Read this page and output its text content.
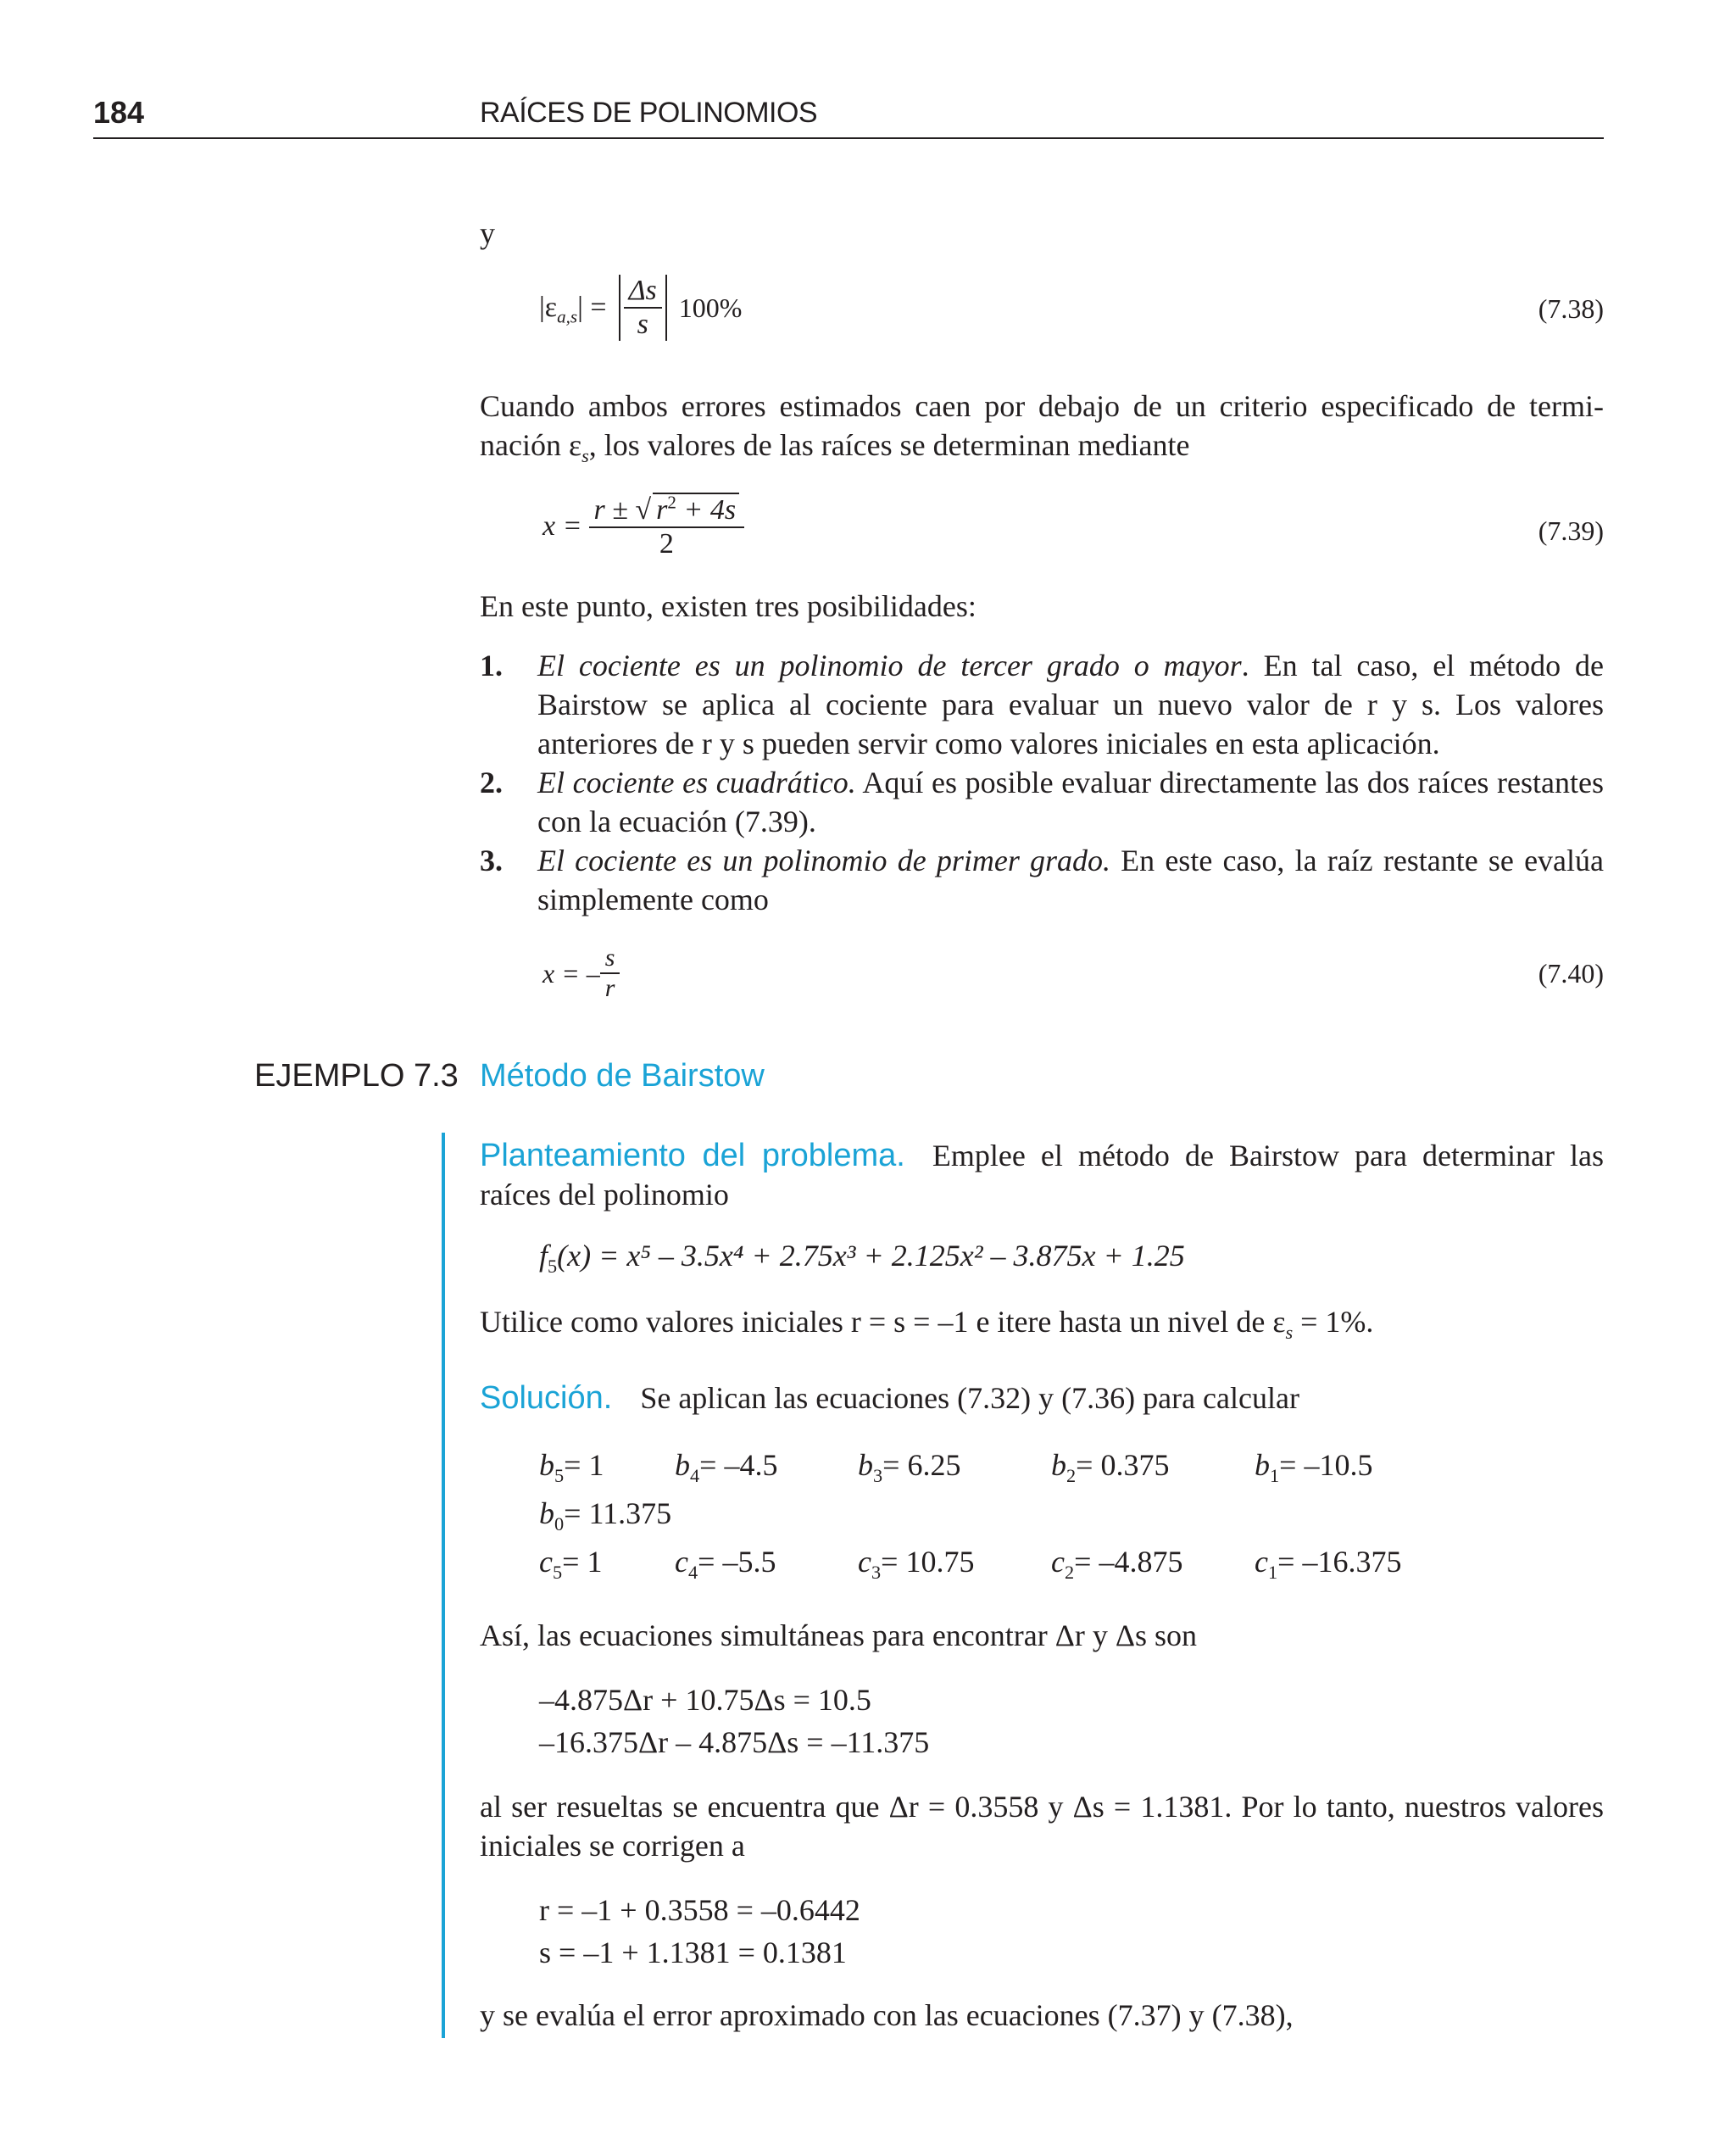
184	RAÍCES DE POLINOMIOS
y
$|\varepsilon_{a,s}| = \frac{\Delta s}{s} 100\%$	(7.38)
Cuando ambos errores estimados caen por debajo de un criterio especificado de termi-nación $\varepsilon_s$, los valores de las raíces se determinan mediante
$x = \frac{r \pm √ r^2 + 4s}{2}$	(7.39)
En este punto, existen tres posibilidades:
1. El cociente es un polinomio de tercer grado o mayor. En tal caso, el método de Bairstow se aplica al cociente para evaluar un nuevo valor de r y s. Los valores anteriores de r y s pueden servir como valores iniciales en esta aplicación.
2. El cociente es cuadrático. Aquí es posible evaluar directamente las dos raíces restantes con la ecuación (7.39).
3. El cociente es un polinomio de primer grado. En este caso, la raíz restante se evalúa simplemente como
x = – $\frac{s}{r}$	(7.40)
EJEMPLO 7.3 Método de Bairstow
Planteamiento del problema. Emplee el método de Bairstow para determinar las raíces del polinomio
$f_5(x) = x^5 - 3.5x^4 + 2.75x^3 + 2.125x^2 - 3.875x + 1.25$
Utilice como valores iniciales r = s = –1 e itere hasta un nivel de $\varepsilon_s = 1\%$.
Solución. Se aplican las ecuaciones (7.32) y (7.36) para calcular
$b_5= 1$	$b_4= -4.5$	$b_3= 6.25$	$b_2= 0.375$	$b_1= -10.5$
$b_0= 11.375$
$c_5= 1$	$c_4= -5.5$	$c_3= 10.75$	$c_2= -4.875$	$c_1= -16.375$
Así, las ecuaciones simultáneas para encontrar Δr y Δs son
–4.875Δr + 10.75Δs = 10.5
–16.375Δr – 4.875Δs = –11.375
al ser resueltas se encuentra que Δr = 0.3558 y Δs = 1.1381. Por lo tanto, nuestros valores iniciales se corrigen a
r = –1 + 0.3558 = –0.6442
s = –1 + 1.1381 = 0.1381
y se evalúa el error aproximado con las ecuaciones (7.37) y (7.38),
